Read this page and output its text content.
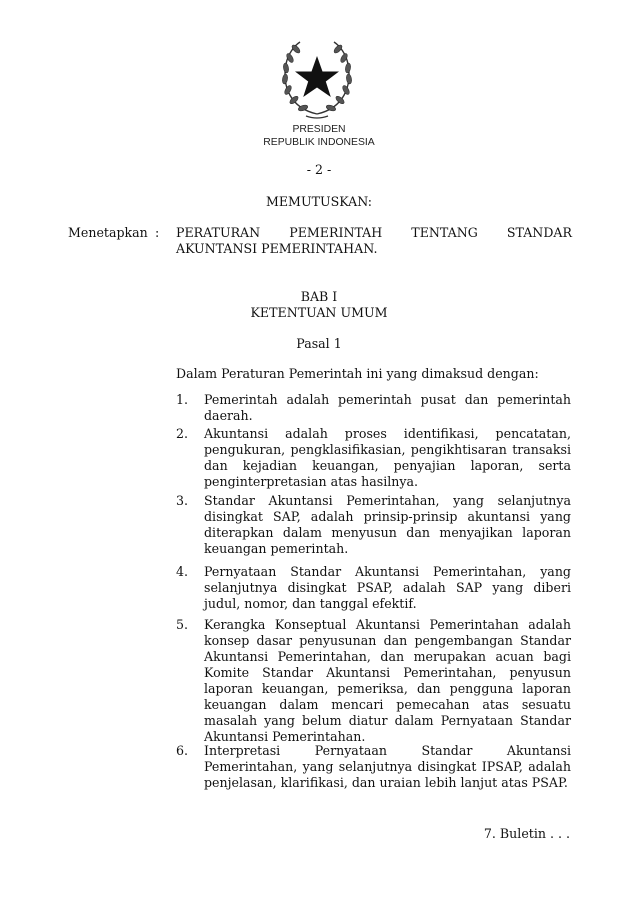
PRESIDEN
REPUBLIK INDONESIA
- 2 -
MEMUTUSKAN:
Menetapkan : PERATURAN PEMERINTAH TENTANG STANDAR AKUNTANSI PEMERINTAHAN.
BAB I
KETENTUAN UMUM
Pasal 1
Dalam Peraturan Pemerintah ini yang dimaksud dengan:
1. Pemerintah adalah pemerintah pusat dan pemerintah daerah.
2. Akuntansi adalah proses identifikasi, pencatatan, pengukuran, pengklasifikasian, pengikhtisaran transaksi dan kejadian keuangan, penyajian laporan, serta penginterpretasian atas hasilnya.
3. Standar Akuntansi Pemerintahan, yang selanjutnya disingkat SAP, adalah prinsip-prinsip akuntansi yang diterapkan dalam menyusun dan menyajikan laporan keuangan pemerintah.
4. Pernyataan Standar Akuntansi Pemerintahan, yang selanjutnya disingkat PSAP, adalah SAP yang diberi judul, nomor, dan tanggal efektif.
5. Kerangka Konseptual Akuntansi Pemerintahan adalah konsep dasar penyusunan dan pengembangan Standar Akuntansi Pemerintahan, dan merupakan acuan bagi Komite Standar Akuntansi Pemerintahan, penyusun laporan keuangan, pemeriksa, dan pengguna laporan keuangan dalam mencari pemecahan atas sesuatu masalah yang belum diatur dalam Pernyataan Standar Akuntansi Pemerintahan.
6. Interpretasi Pernyataan Standar Akuntansi Pemerintahan, yang selanjutnya disingkat IPSAP, adalah penjelasan, klarifikasi, dan uraian lebih lanjut atas PSAP.
7. Buletin . . .
